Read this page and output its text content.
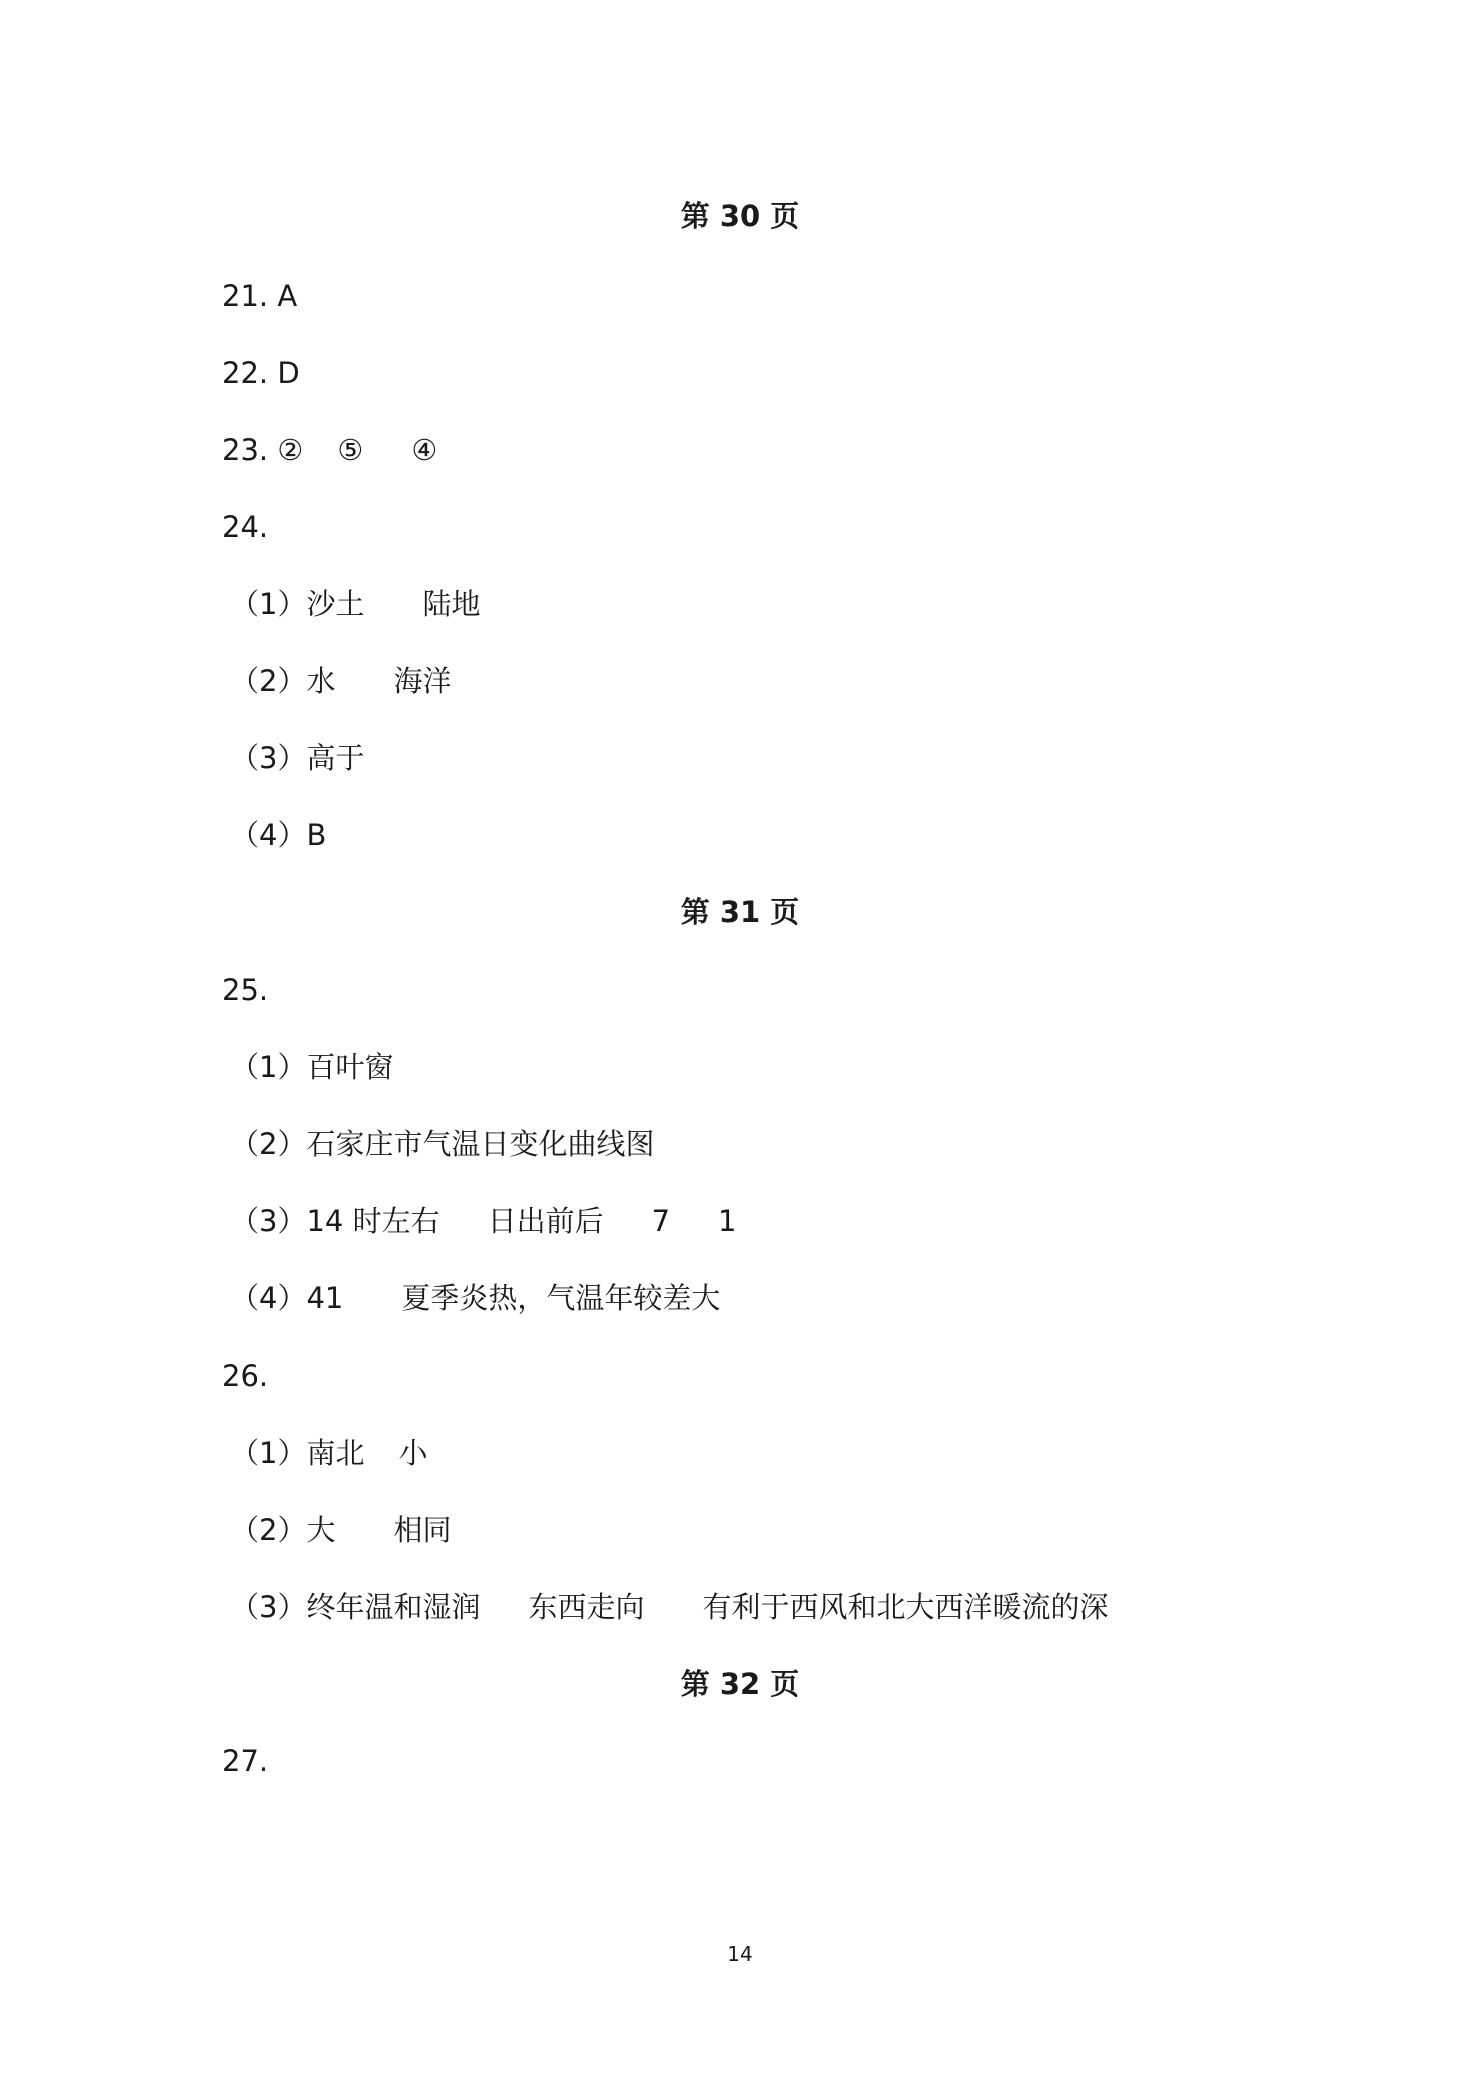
第 30 页
21. A
22. D
23. ② ⑤ ④
24.
（1）沙土 陆地
（2）水 海洋
（3）高于
（4）B
第 31 页
25.
（1）百叶窗
（2）石家庄市气温日变化曲线图
（3）14 时左右 日出前后 7 1
（4）41 夏季炎热，气温年较差大
26.
（1）南北 小
（2）大 相同
（3）终年温和湿润 东西走向 有利于西风和北大西洋暖流的深
第 32 页
27.
14
